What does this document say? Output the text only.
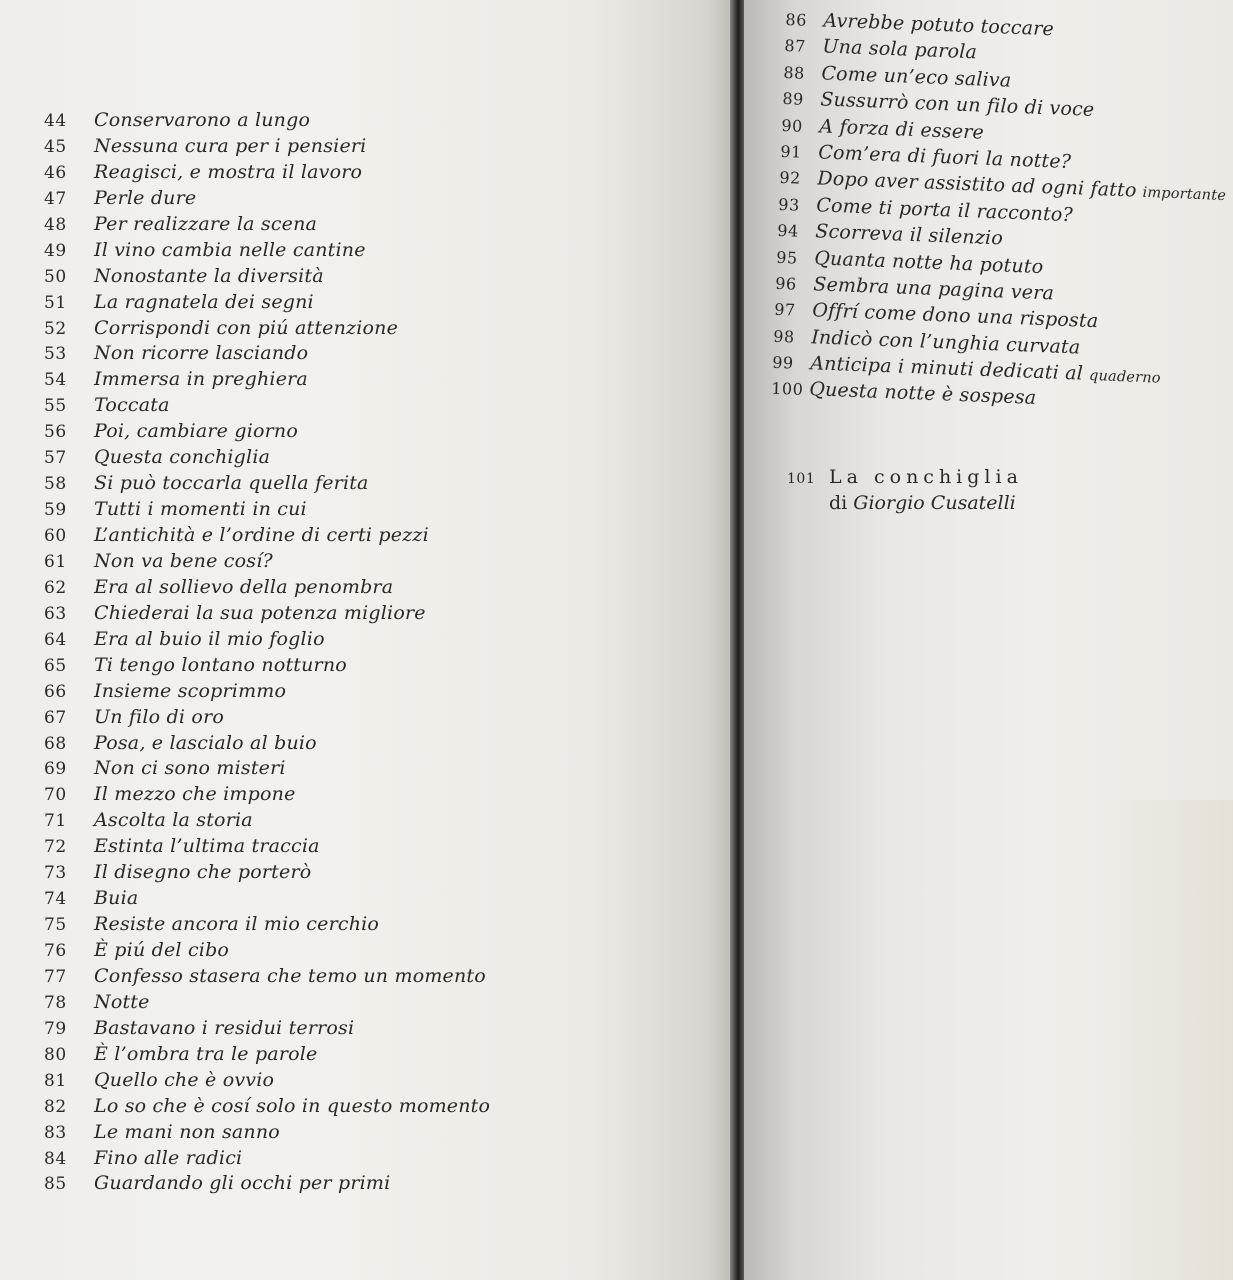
44 Conservarono a lungo
45 Nessuna cura per i pensieri
46 Reagisci, e mostra il lavoro
47 Perle dure
48 Per realizzare la scena
49 Il vino cambia nelle cantine
50 Nonostante la diversità
51 La ragnatela dei segni
52 Corrispondi con piú attenzione
53 Non ricorre lasciando
54 Immersa in preghiera
55 Toccata
56 Poi, cambiare giorno
57 Questa conchiglia
58 Si può toccarla quella ferita
59 Tutti i momenti in cui
60 L’antichità e l’ordine di certi pezzi
61 Non va bene cosí?
62 Era al sollievo della penombra
63 Chiederai la sua potenza migliore
64 Era al buio il mio foglio
65 Ti tengo lontano notturno
66 Insieme scoprimmo
67 Un filo di oro
68 Posa, e lascialo al buio
69 Non ci sono misteri
70 Il mezzo che impone
71 Ascolta la storia
72 Estinta l’ultima traccia
73 Il disegno che porterò
74 Buia
75 Resiste ancora il mio cerchio
76 È piú del cibo
77 Confesso stasera che temo un momento
78 Notte
79 Bastavano i residui terrosi
80 È l’ombra tra le parole
81 Quello che è ovvio
82 Lo so che è cosí solo in questo momento
83 Le mani non sanno
84 Fino alle radici
85 Guardando gli occhi per primi
86 Avrebbe potuto toccare
87 Una sola parola
88 Come un’eco saliva
89 Sussurrò con un filo di voce
90 A forza di essere
91 Com’era di fuori la notte?
92 Dopo aver assistito ad ogni fatto importante
93 Come ti porta il racconto?
94 Scorreva il silenzio
95 Quanta notte ha potuto
96 Sembra una pagina vera
97 Offrí come dono una risposta
98 Indicò con l’unghia curvata
99 Anticipa i minuti dedicati al quaderno
100 Questa notte è sospesa
101 La conchiglia
di Giorgio Cusatelli
